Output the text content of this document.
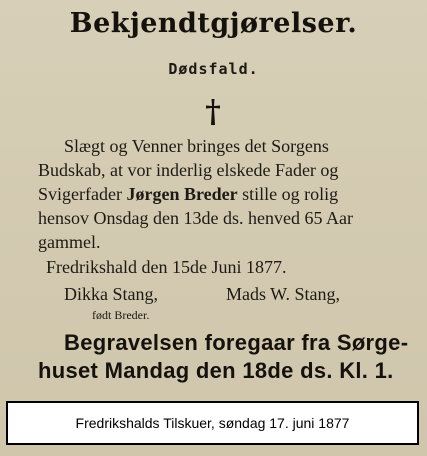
Bekjendtgjørelser.
Dødsfald.
Slægt og Venner bringes det Sorgens
Budskab, at vor inderlig elskede Fader og
Svigerfader Jørgen Breder stille og rolig
hensov Onsdag den 13de ds. henved 65 Aar
gammel.
Fredrikshald den 15de Juni 1877.
Dikka Stang,	Mads W. Stang,
født Breder.
Begravelsen foregaar fra Sørge-
huset Mandag den 18de ds. Kl. 1.
Fredrikshalds Tilskuer, søndag 17. juni 1877
